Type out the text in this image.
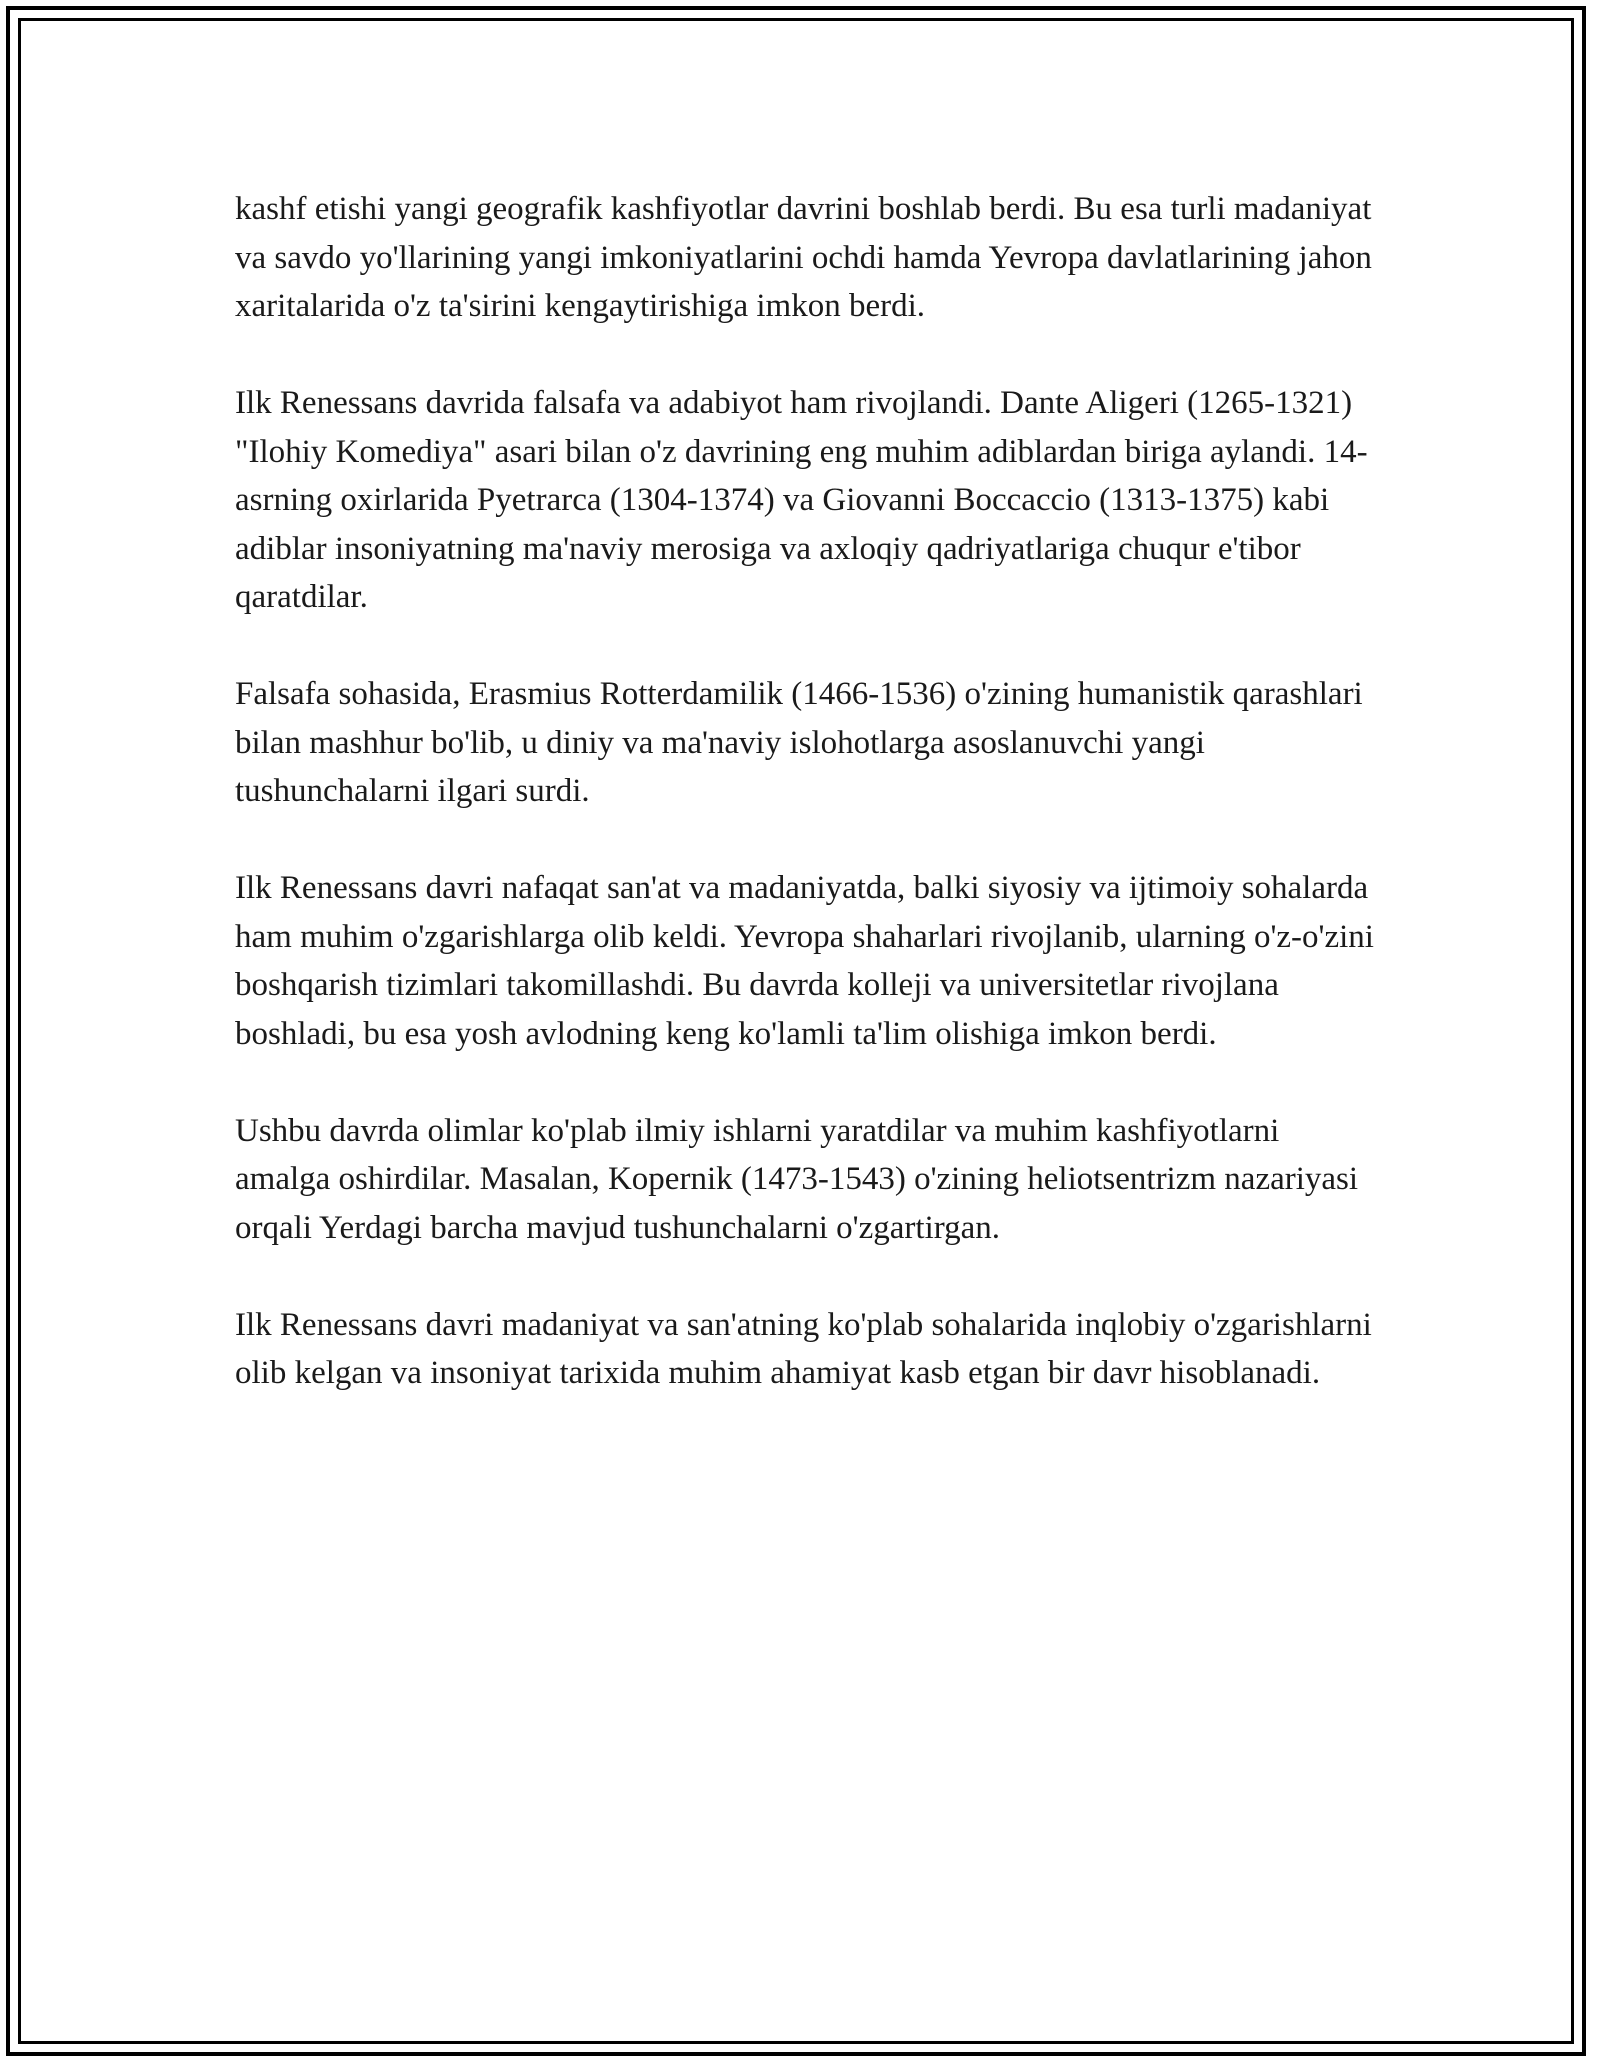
kashf etishi yangi geografik kashfiyotlar davrini boshlab berdi. Bu esa turli madaniyat va savdo yo'llarining yangi imkoniyatlarini ochdi hamda Yevropa davlatlarining jahon xaritalarida o'z ta'sirini kengaytirishiga imkon berdi.

Ilk Renessans davrida falsafa va adabiyot ham rivojlandi. Dante Aligeri (1265-1321) "Ilohiy Komediya" asari bilan o'z davrining eng muhim adiblardan biriga aylandi. 14-asrning oxirlarida Pyetrarca (1304-1374) va Giovanni Boccaccio (1313-1375) kabi adiblar insoniyatning ma'naviy merosiga va axloqiy qadriyatlariga chuqur e'tibor qaratdilar.

Falsafa sohasida, Erasmius Rotterdamilik (1466-1536) o'zining humanistik qarashlari bilan mashhur bo'lib, u diniy va ma'naviy islohotlarga asoslanuvchi yangi tushunchalarni ilgari surdi.

Ilk Renessans davri nafaqat san'at va madaniyatda, balki siyosiy va ijtimoiy sohalarda ham muhim o'zgarishlarga olib keldi. Yevropa shaharlari rivojlanib, ularning o'z-o'zini boshqarish tizimlari takomillashdi. Bu davrda kolleji va universitetlar rivojlana boshladi, bu esa yosh avlodning keng ko'lamli ta'lim olishiga imkon berdi.

Ushbu davrda olimlar ko'plab ilmiy ishlarni yaratdilar va muhim kashfiyotlarni amalga oshirdilar. Masalan, Kopernik (1473-1543) o'zining heliotsentrizm nazariyasi orqali Yerdagi barcha mavjud tushunchalarni o'zgartirgan.

Ilk Renessans davri madaniyat va san'atning ko'plab sohalarida inqlobiy o'zgarishlarni olib kelgan va insoniyat tarixida muhim ahamiyat kasb etgan bir davr hisoblanadi.
